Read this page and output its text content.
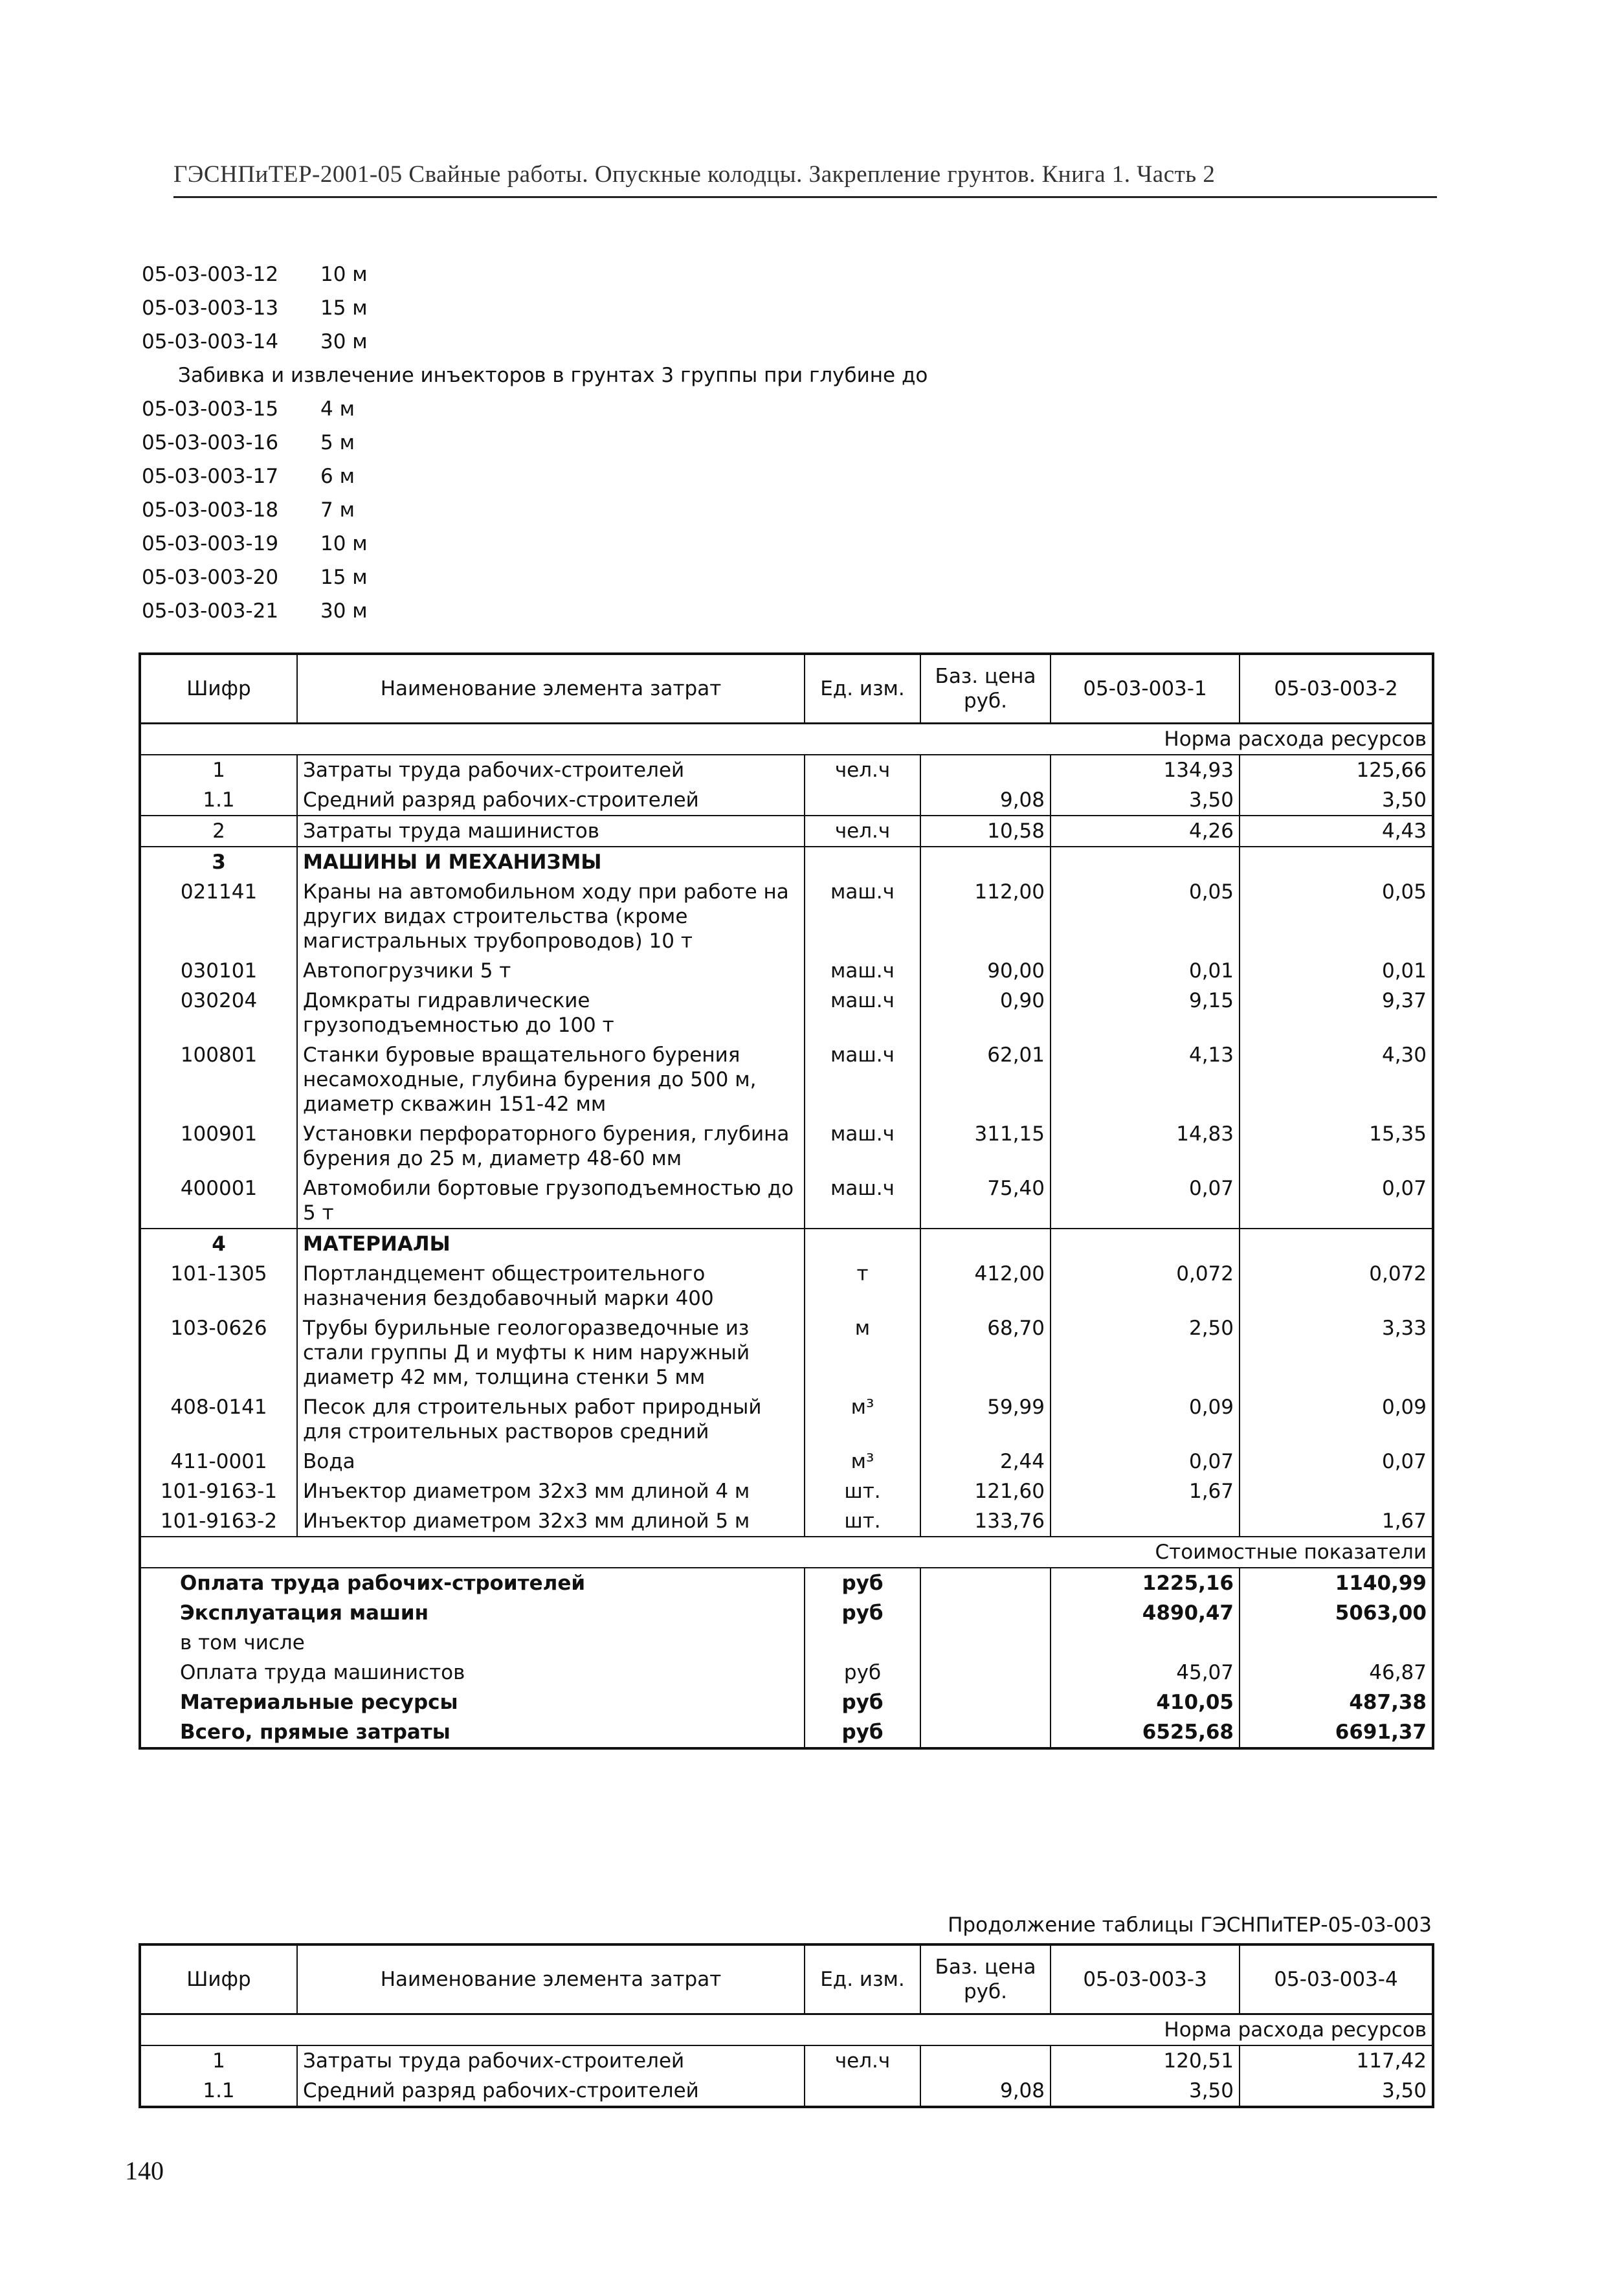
ГЭСНПиТЕР-2001-05 Свайные работы. Опускные колодцы. Закрепление грунтов. Книга 1. Часть 2
05-03-003-12	10 м
05-03-003-13	15 м
05-03-003-14	30 м
Забивка и извлечение инъекторов в грунтах 3 группы при глубине до
05-03-003-15	4 м
05-03-003-16	5 м
05-03-003-17	6 м
05-03-003-18	7 м
05-03-003-19	10 м
05-03-003-20	15 м
05-03-003-21	30 м
Шифр	Наименование элемента затрат	Ед. изм.	Баз. цена руб.	05-03-003-1	05-03-003-2
Норма расхода ресурсов					
1	Затраты труда рабочих-строителей	чел.ч		134,93	125,66
1.1	Средний разряд рабочих-строителей		9,08	3,50	3,50
2	Затраты труда машинистов	чел.ч	10,58	4,26	4,43
3	МАШИНЫ И МЕХАНИЗМЫ				
021141	Краны на автомобильном ходу при работе на других видах строительства (кроме магистральных трубопроводов) 10 т	маш.ч	112,00	0,05	0,05
030101	Автопогрузчики 5 т	маш.ч	90,00	0,01	0,01
030204	Домкраты гидравлические грузоподъемностью до 100 т	маш.ч	0,90	9,15	9,37
100801	Станки буровые вращательного бурения несамоходные, глубина бурения до 500 м, диаметр скважин 151-42 мм	маш.ч	62,01	4,13	4,30
100901	Установки перфораторного бурения, глубина бурения до 25 м, диаметр 48-60 мм	маш.ч	311,15	14,83	15,35
400001	Автомобили бортовые грузоподъемностью до 5 т	маш.ч	75,40	0,07	0,07
4	МАТЕРИАЛЫ				
101-1305	Портландцемент общестроительного назначения бездобавочный марки 400	т	412,00	0,072	0,072
103-0626	Трубы бурильные геологоразведочные из стали группы Д и муфты к ним наружный диаметр 42 мм, толщина стенки 5 мм	м	68,70	2,50	3,33
408-0141	Песок для строительных работ природный для строительных растворов средний	м³	59,99	0,09	0,09
411-0001	Вода	м³	2,44	0,07	0,07
101-9163-1	Инъектор диаметром 32х3 мм длиной 4 м	шт.	121,60	1,67	
101-9163-2	Инъектор диаметром 32х3 мм длиной 5 м	шт.	133,76		1,67
Стоимостные показатели					
Оплата труда рабочих-строителей		руб		1225,16	1140,99
Эксплуатация машин		руб		4890,47	5063,00
в том числе					
Оплата труда машинистов		руб		45,07	46,87
Материальные ресурсы		руб		410,05	487,38
Всего, прямые затраты		руб		6525,68	6691,37
Продолжение таблицы ГЭСНПиТЕР-05-03-003
Шифр	Наименование элемента затрат	Ед. изм.	Баз. цена руб.	05-03-003-3	05-03-003-4
Норма расхода ресурсов					
1	Затраты труда рабочих-строителей	чел.ч		120,51	117,42
1.1	Средний разряд рабочих-строителей		9,08	3,50	3,50
140
